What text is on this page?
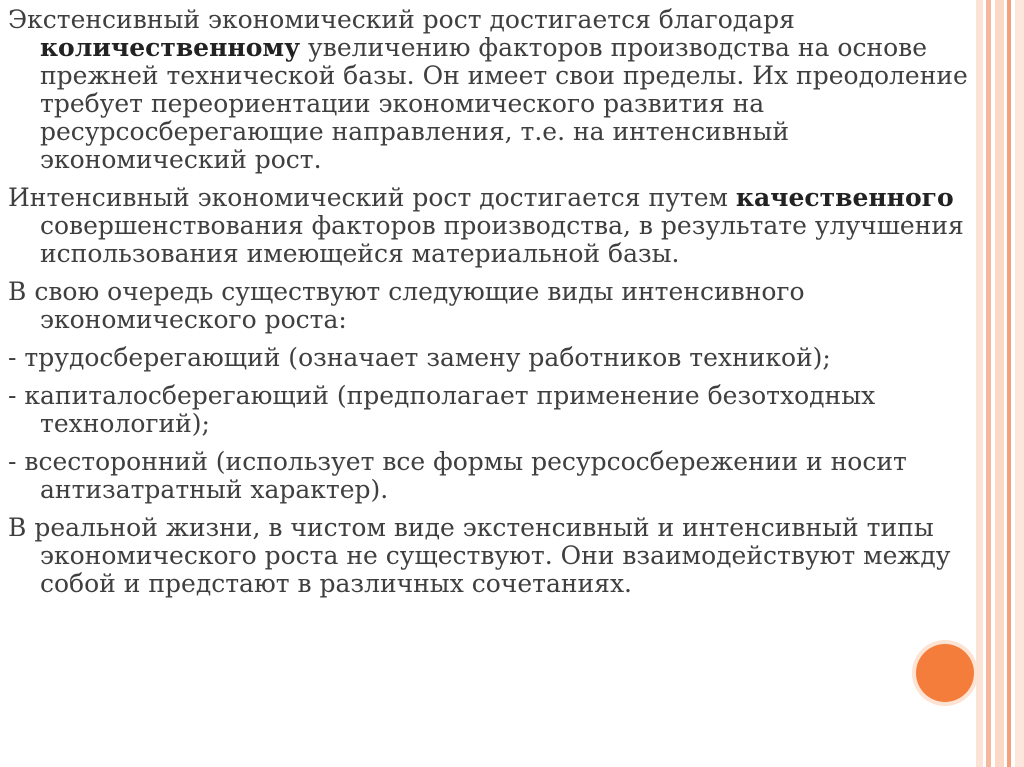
Экстенсивный экономический рост достигается благодаря количественному увеличению факторов производства на основе прежней технической базы. Он имеет свои пределы. Их преодоление требует переориентации экономического развития на ресурсосберегающие направления, т.е. на интенсивный экономический рост.

Интенсивный экономический рост достигается путем качественного совершенствования факторов производства, в результате улучшения использования имеющейся материальной базы.

В свою очередь существуют следующие виды интенсивного экономического роста:

- трудосберегающий (означает замену работников техникой);

- капиталосберегающий (предполагает применение безотходных технологий);

- всесторонний (использует все формы ресурсосбережении и носит антизатратный характер).

В реальной жизни, в чистом виде экстенсивный и интенсивный типы экономического роста не существуют. Они взаимодействуют между собой и предстают в различных сочетаниях.
